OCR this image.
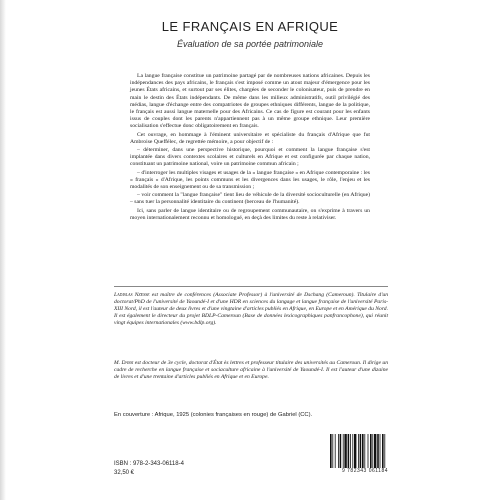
LE FRANÇAIS EN AFRIQUE
Évaluation de sa portée patrimoniale

La langue française constitue un patrimoine partagé par de nombreuses nations africaines. Depuis les indépendances des pays africains, le français s'est imposé comme un atout majeur d'émergence pour les jeunes États africains, et surtout par ses élites, chargées de seconder le colonisateur, puis de prendre en main le destin des États indépendants. De même dans les milieux administratifs, outil privilégié des médias, langue d'échange entre des compatriotes de groupes ethniques différents, langue de la politique, le français est aussi langue maternelle pour des Africains. Ce cas de figure est courant pour les enfants issus de couples dont les parents n'appartiennent pas à un même groupe ethnique. Leur première socialisation s'effectue donc obligatoirement en français.

Cet ouvrage, en hommage à l'éminent universitaire et spécialiste du français d'Afrique que fut Ambroise Queffélec, de regrettée mémoire, a pour objectif de :

– déterminer, dans une perspective historique, pourquoi et comment la langue française s'est implantée dans divers contextes scolaires et culturels en Afrique et est configurée par chaque nation, constituant un patrimoine national, voire un patrimoine commun africain ;

– d'interroger les multiples visages et usages de la « langue française » en Afrique contemporaine : les « français » d'Afrique, les points communs et les divergences dans les usages, le rôle, l'enjeu et les modalités de son enseignement ou de sa transmission ;

– voir comment la "langue française" tient lieu de véhicule de la diversité socioculturelle (en Afrique) – sans tuer la personnalité identitaire du continent (berceau de l'humanité).

Ici, sans parler de langue identitaire ou de regroupement communautaire, on s'exprime à travers un moyen internationalement reconnu et homologué, en deçà des limites du reste à relativiser.

Ladislas Nzesse est maître de conférences (Associate Professor) à l'université de Dschang (Cameroun). Titulaire d'un doctorat/PhD de l'université de Yaoundé-I et d'une HDR en sciences du langage et langue française de l'université Paris-XIII Nord, il est l'auteur de deux livres et d'une vingtaine d'articles publiés en Afrique, en Europe et en Amérique du Nord. Il est également le directeur du projet BDLP-Cameroun (Base de données lexicographiques panfrancophone), qui réunit vingt équipes internationales (www.bdlp.org).
M. Dassi est docteur de 3e cycle, doctorat d'État ès lettres et professeur titulaire des universités au Cameroun. Il dirige un cadre de recherche en langue française et sociaculture africaine à l'université de Yaoundé-I. Il est l'auteur d'une dizaine de livres et d'une trentaine d'articles publiés en Afrique et en Europe.
En couverture : Afrique, 1925 (colonies françaises en rouge) de Gabriel (CC).
ISBN : 978-2-343-06118-4
32,50 €	9 782343 061184
